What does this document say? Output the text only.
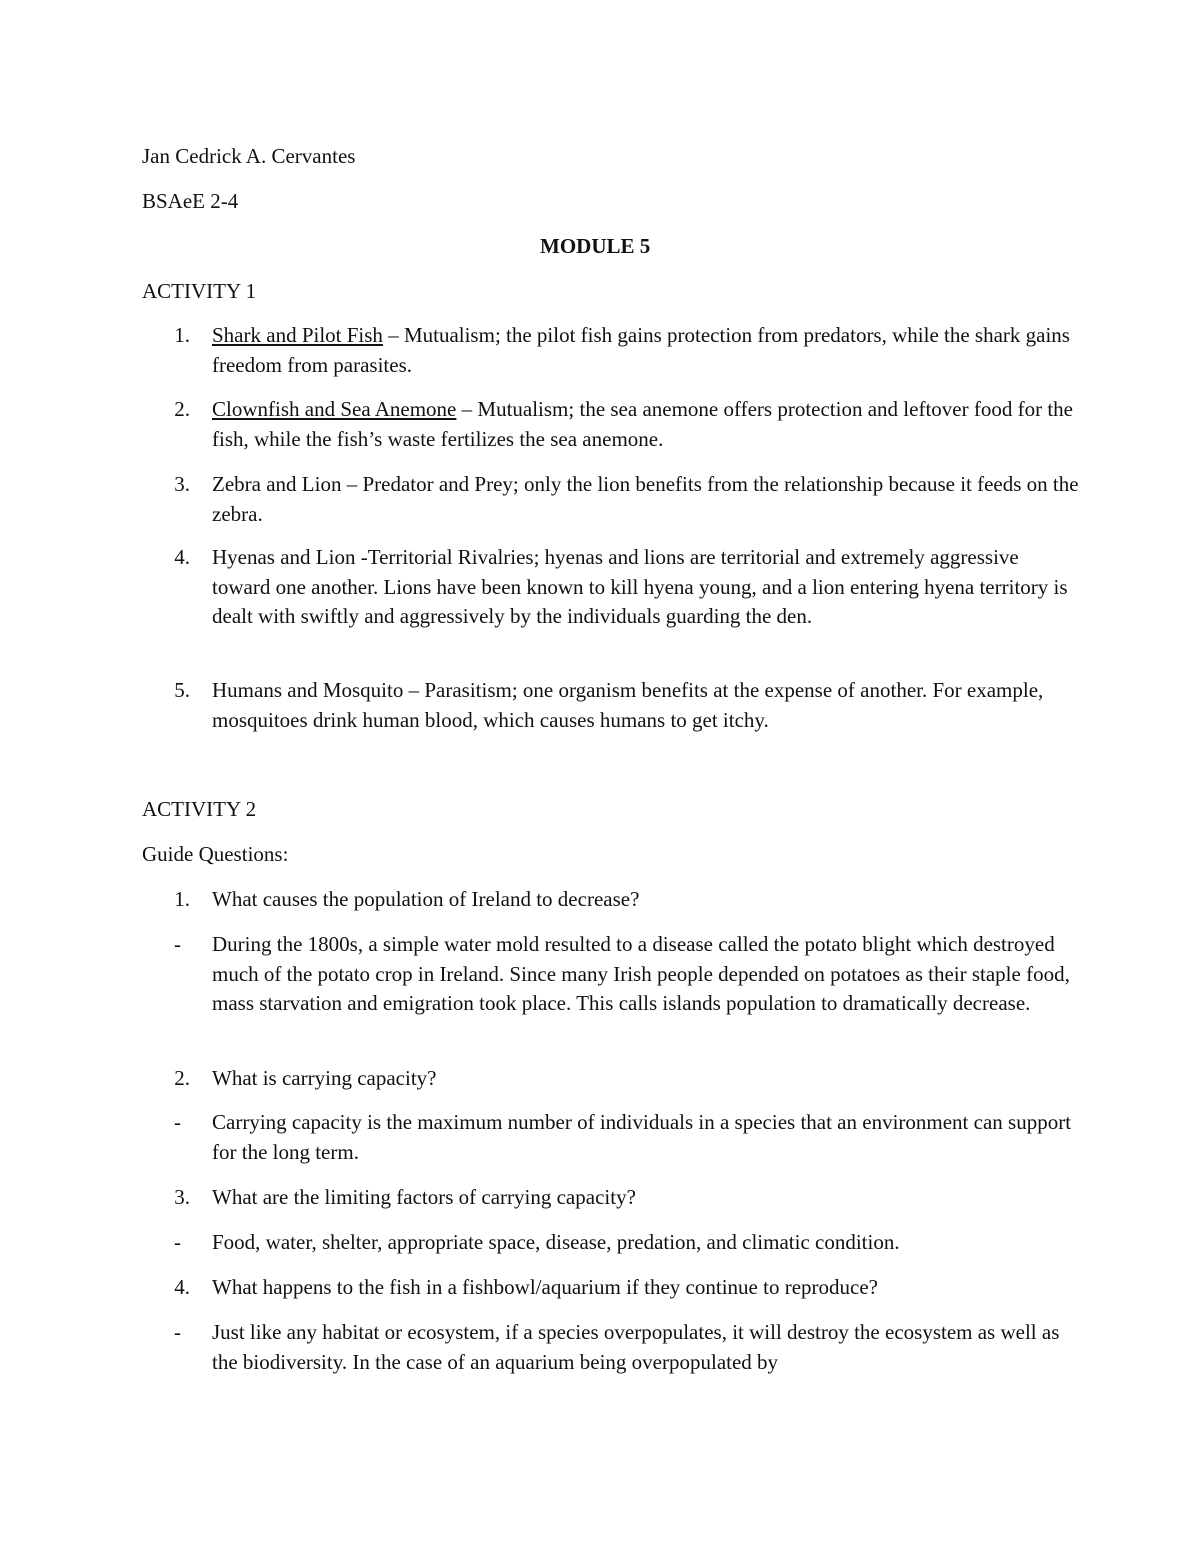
Jan Cedrick A. Cervantes
BSAeE 2-4
MODULE 5
ACTIVITY 1
1. Shark and Pilot Fish – Mutualism; the pilot fish gains protection from predators, while the shark gains freedom from parasites.
2. Clownfish and Sea Anemone – Mutualism; the sea anemone offers protection and leftover food for the fish, while the fish’s waste fertilizes the sea anemone.
3. Zebra and Lion – Predator and Prey; only the lion benefits from the relationship because it feeds on the zebra.
4. Hyenas and Lion -Territorial Rivalries; hyenas and lions are territorial and extremely aggressive toward one another. Lions have been known to kill hyena young, and a lion entering hyena territory is dealt with swiftly and aggressively by the individuals guarding the den.
5. Humans and Mosquito – Parasitism; one organism benefits at the expense of another. For example, mosquitoes drink human blood, which causes humans to get itchy.
ACTIVITY 2
Guide Questions:
1. What causes the population of Ireland to decrease?
- During the 1800s, a simple water mold resulted to a disease called the potato blight which destroyed much of the potato crop in Ireland. Since many Irish people depended on potatoes as their staple food, mass starvation and emigration took place. This calls islands population to dramatically decrease.
2. What is carrying capacity?
- Carrying capacity is the maximum number of individuals in a species that an environment can support for the long term.
3. What are the limiting factors of carrying capacity?
- Food, water, shelter, appropriate space, disease, predation, and climatic condition.
4. What happens to the fish in a fishbowl/aquarium if they continue to reproduce?
- Just like any habitat or ecosystem, if a species overpopulates, it will destroy the ecosystem as well as the biodiversity. In the case of an aquarium being overpopulated by
